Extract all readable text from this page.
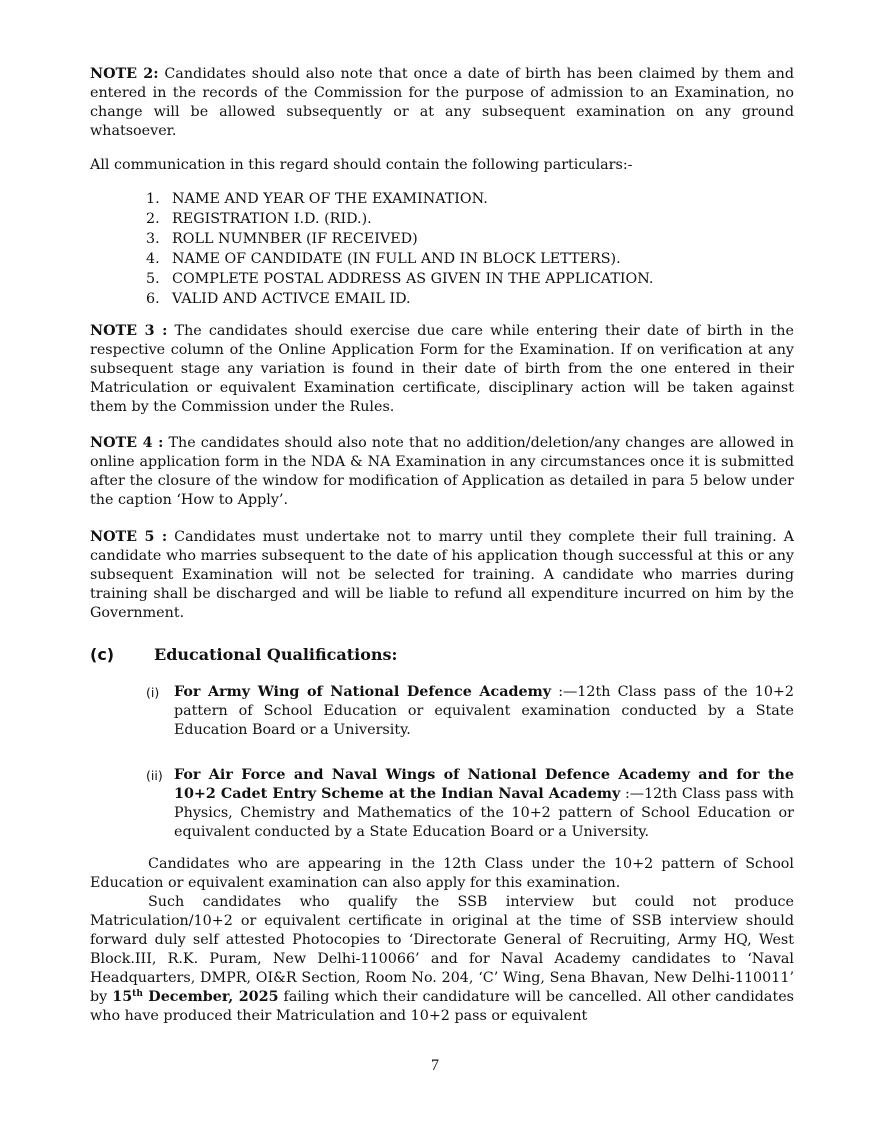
NOTE 2: Candidates should also note that once a date of birth has been claimed by them and entered in the records of the Commission for the purpose of admission to an Examination, no change will be allowed subsequently or at any subsequent examination on any ground whatsoever.

All communication in this regard should contain the following particulars:-

1. NAME AND YEAR OF THE EXAMINATION.
2. REGISTRATION I.D. (RID.).
3. ROLL NUMNBER (IF RECEIVED)
4. NAME OF CANDIDATE (IN FULL AND IN BLOCK LETTERS).
5. COMPLETE POSTAL ADDRESS AS GIVEN IN THE APPLICATION.
6. VALID AND ACTIVCE EMAIL ID.

NOTE 3 : The candidates should exercise due care while entering their date of birth in the respective column of the Online Application Form for the Examination. If on verification at any subsequent stage any variation is found in their date of birth from the one entered in their Matriculation or equivalent Examination certificate, disciplinary action will be taken against them by the Commission under the Rules.

NOTE 4 : The candidates should also note that no addition/deletion/any changes are allowed in online application form in the NDA & NA Examination in any circumstances once it is submitted after the closure of the window for modification of Application as detailed in para 5 below under the caption ‘How to Apply’.

NOTE 5 : Candidates must undertake not to marry until they complete their full training. A candidate who marries subsequent to the date of his application though successful at this or any subsequent Examination will not be selected for training. A candidate who marries during training shall be discharged and will be liable to refund all expenditure incurred on him by the Government.

(c) Educational Qualifications:
(i) For Army Wing of National Defence Academy :—12th Class pass of the 10+2 pattern of School Education or equivalent examination conducted by a State Education Board or a University.
(ii) For Air Force and Naval Wings of National Defence Academy and for the 10+2 Cadet Entry Scheme at the Indian Naval Academy :—12th Class pass with Physics, Chemistry and Mathematics of the 10+2 pattern of School Education or equivalent conducted by a State Education Board or a University.

Candidates who are appearing in the 12th Class under the 10+2 pattern of School Education or equivalent examination can also apply for this examination.

Such candidates who qualify the SSB interview but could not produce Matriculation/10+2 or equivalent certificate in original at the time of SSB interview should forward duly self attested Photocopies to ‘Directorate General of Recruiting, Army HQ, West Block.III, R.K. Puram, New Delhi-110066’ and for Naval Academy candidates to ‘Naval Headquarters, DMPR, OI&R Section, Room No. 204, ‘C’ Wing, Sena Bhavan, New Delhi-110011’ by 15th December, 2025 failing which their candidature will be cancelled. All other candidates who have produced their Matriculation and 10+2 pass or equivalent

7
